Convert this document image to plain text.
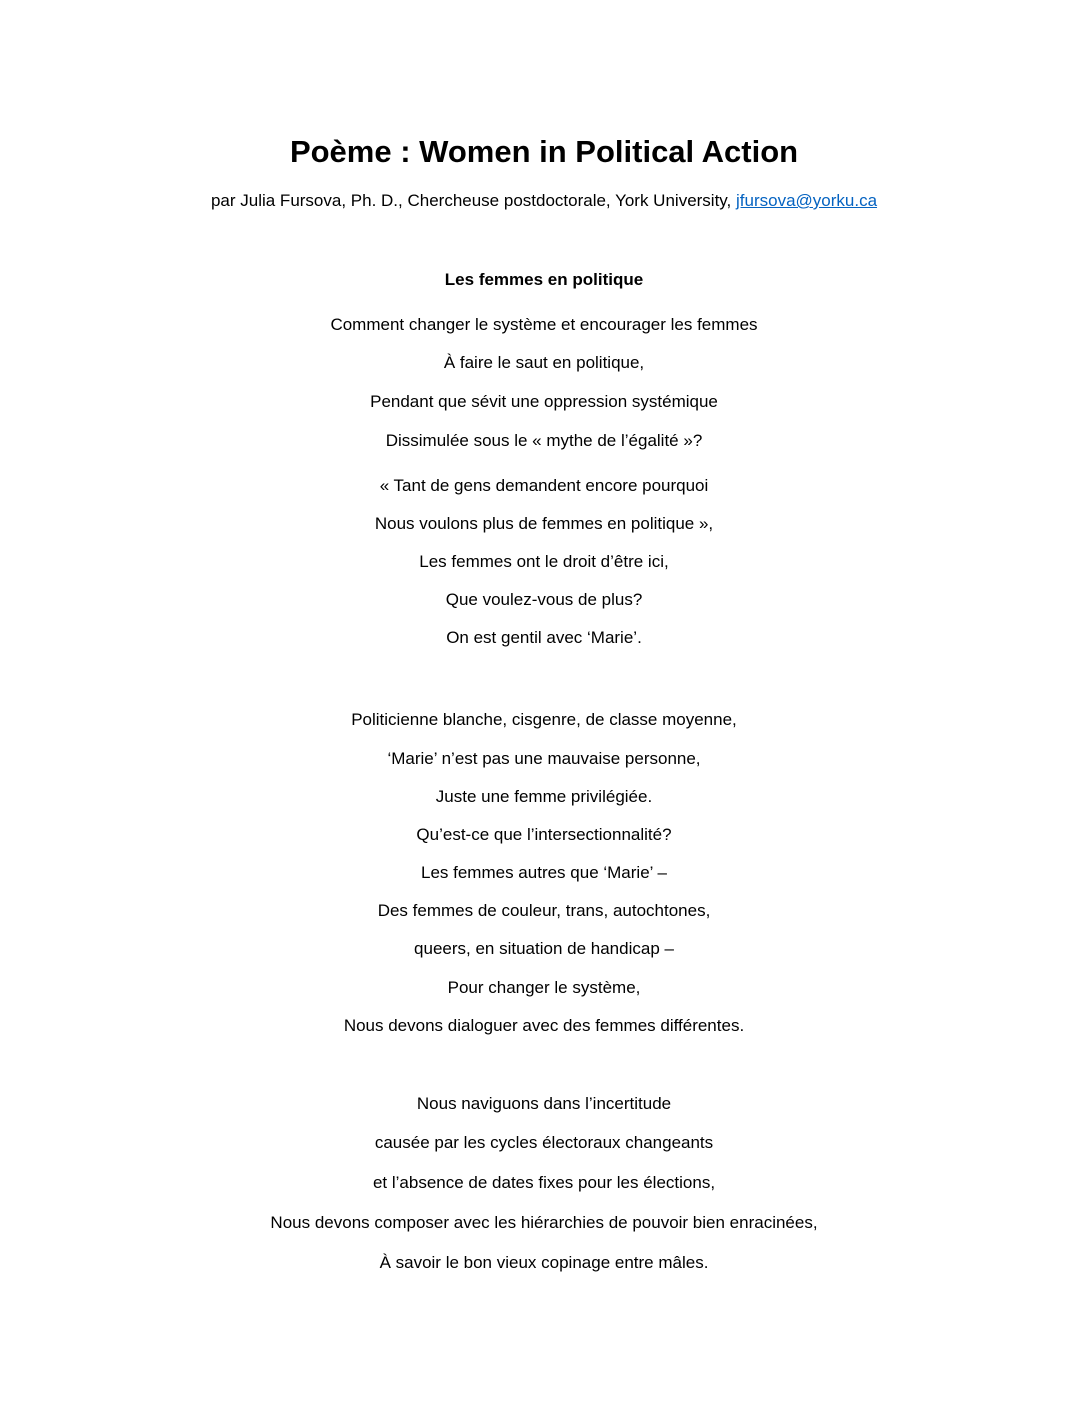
Poème : Women in Political Action

par Julia Fursova, Ph. D., Chercheuse postdoctorale, York University, jfursova@yorku.ca

Les femmes en politique

Comment changer le système et encourager les femmes

À faire le saut en politique,

Pendant que sévit une oppression systémique

Dissimulée sous le « mythe de l’égalité »?

« Tant de gens demandent encore pourquoi

Nous voulons plus de femmes en politique »,

Les femmes ont le droit d’être ici,

Que voulez-vous de plus?

On est gentil avec ‘Marie’.

Politicienne blanche, cisgenre, de classe moyenne,

‘Marie’ n’est pas une mauvaise personne,

Juste une femme privilégiée.

Qu’est-ce que l’intersectionnalité?

Les femmes autres que ‘Marie’ –

Des femmes de couleur, trans, autochtones,

queers, en situation de handicap –

Pour changer le système,

Nous devons dialoguer avec des femmes différentes.

Nous naviguons dans l’incertitude

causée par les cycles électoraux changeants

et l’absence de dates fixes pour les élections,

Nous devons composer avec les hiérarchies de pouvoir bien enracinées,

À savoir le bon vieux copinage entre mâles.
